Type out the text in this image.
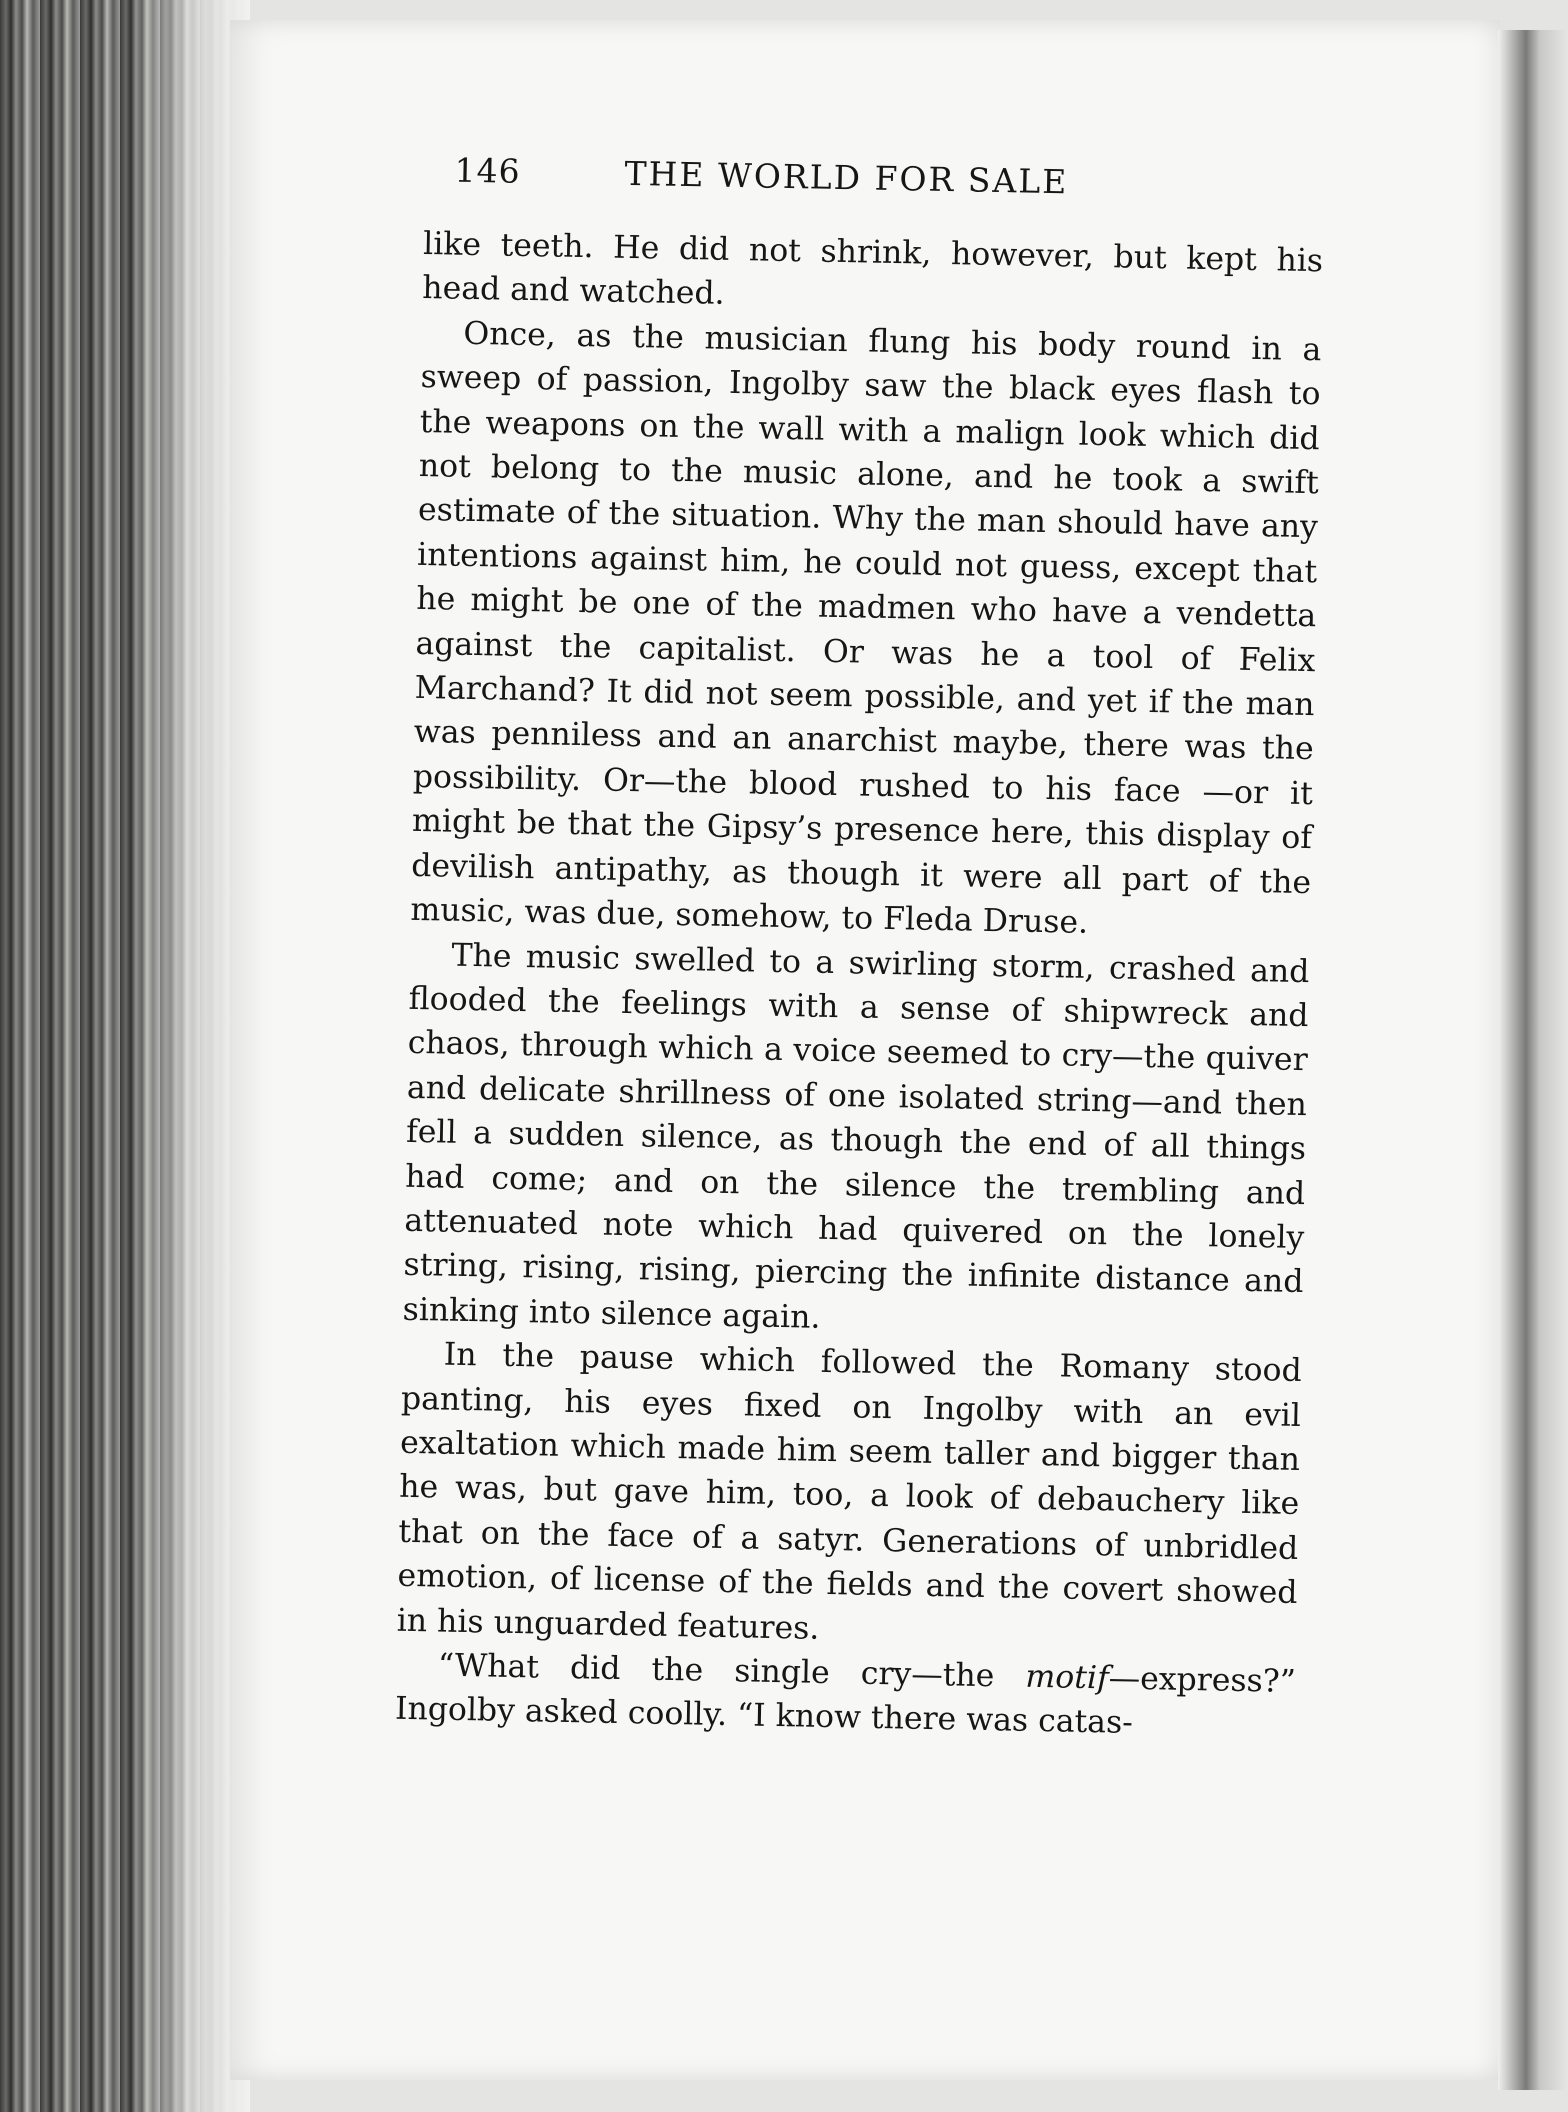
146	THE WORLD FOR SALE

like teeth. He did not shrink, however, but kept his head and watched.

Once, as the musician flung his body round in a sweep of passion, Ingolby saw the black eyes flash to the weapons on the wall with a malign look which did not belong to the music alone, and he took a swift estimate of the situation. Why the man should have any intentions against him, he could not guess, except that he might be one of the madmen who have a vendetta against the capitalist. Or was he a tool of Felix Marchand? It did not seem possible, and yet if the man was penniless and an anarchist maybe, there was the possibility. Or—the blood rushed to his face —or it might be that the Gipsy’s presence here, this display of devilish antipathy, as though it were all part of the music, was due, somehow, to Fleda Druse.

The music swelled to a swirling storm, crashed and flooded the feelings with a sense of shipwreck and chaos, through which a voice seemed to cry—the quiver and delicate shrillness of one isolated string—and then fell a sudden silence, as though the end of all things had come; and on the silence the trembling and attenuated note which had quivered on the lonely string, rising, rising, piercing the infinite distance and sinking into silence again.

In the pause which followed the Romany stood panting, his eyes fixed on Ingolby with an evil exaltation which made him seem taller and bigger than he was, but gave him, too, a look of debauchery like that on the face of a satyr. Generations of unbridled emotion, of license of the fields and the covert showed in his unguarded features.

“What did the single cry—the motif—express?” Ingolby asked coolly. “I know there was catas-
